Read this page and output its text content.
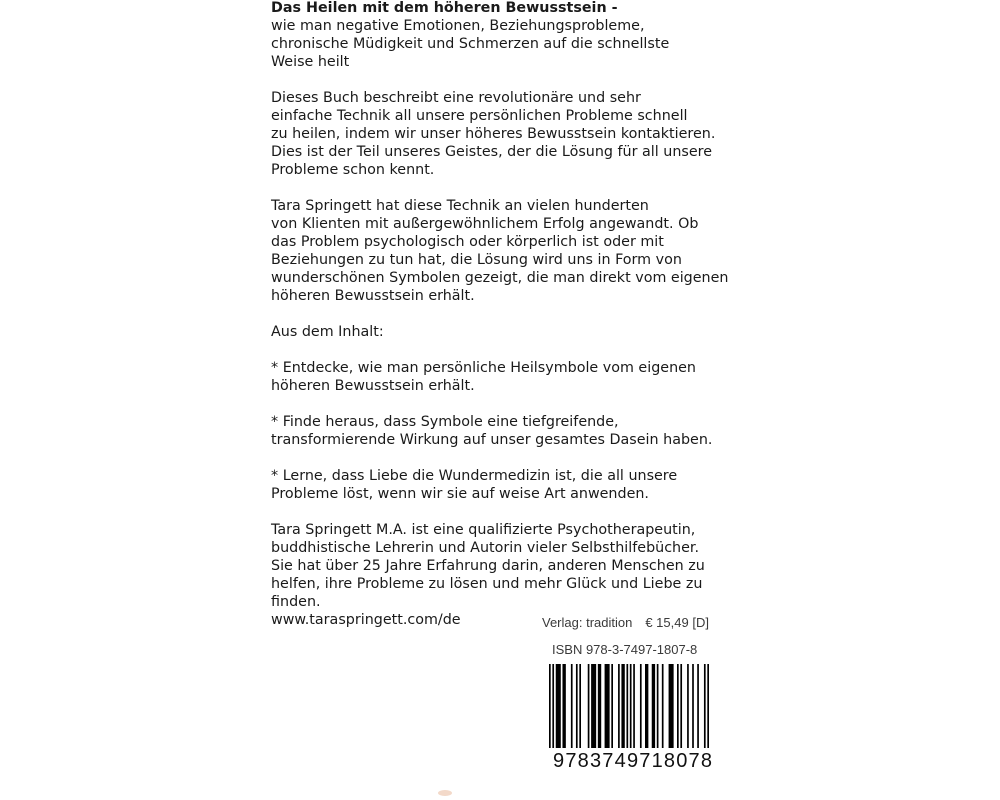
Das Heilen mit dem höheren Bewusstsein -
wie man negative Emotionen, Beziehungsprobleme,
chronische Müdigkeit und Schmerzen auf die schnellste
Weise heilt
Dieses Buch beschreibt eine revolutionäre und sehr
einfache Technik all unsere persönlichen Probleme schnell
zu heilen, indem wir unser höheres Bewusstsein kontaktieren.
Dies ist der Teil unseres Geistes, der die Lösung für all unsere
Probleme schon kennt.
Tara Springett hat diese Technik an vielen hunderten
von Klienten mit außergewöhnlichem Erfolg angewandt. Ob
das Problem psychologisch oder körperlich ist oder mit
Beziehungen zu tun hat, die Lösung wird uns in Form von
wunderschönen Symbolen gezeigt, die man direkt vom eigenen
höheren Bewusstsein erhält.
Aus dem Inhalt:
* Entdecke, wie man persönliche Heilsymbole vom eigenen
höheren Bewusstsein erhält.
* Finde heraus, dass Symbole eine tiefgreifende,
transformierende Wirkung auf unser gesamtes Dasein haben.
* Lerne, dass Liebe die Wundermedizin ist, die all unsere
Probleme löst, wenn wir sie auf weise Art anwenden.
Tara Springett M.A. ist eine qualifizierte Psychotherapeutin,
buddhistische Lehrerin und Autorin vieler Selbsthilfebücher.
Sie hat über 25 Jahre Erfahrung darin, anderen Menschen zu
helfen, ihre Probleme zu lösen und mehr Glück und Liebe zu
finden.
www.taraspringett.com/de	Verlag: tradition € 15,49 [D]
ISBN 978-3-7497-1807-8
9783749718078
